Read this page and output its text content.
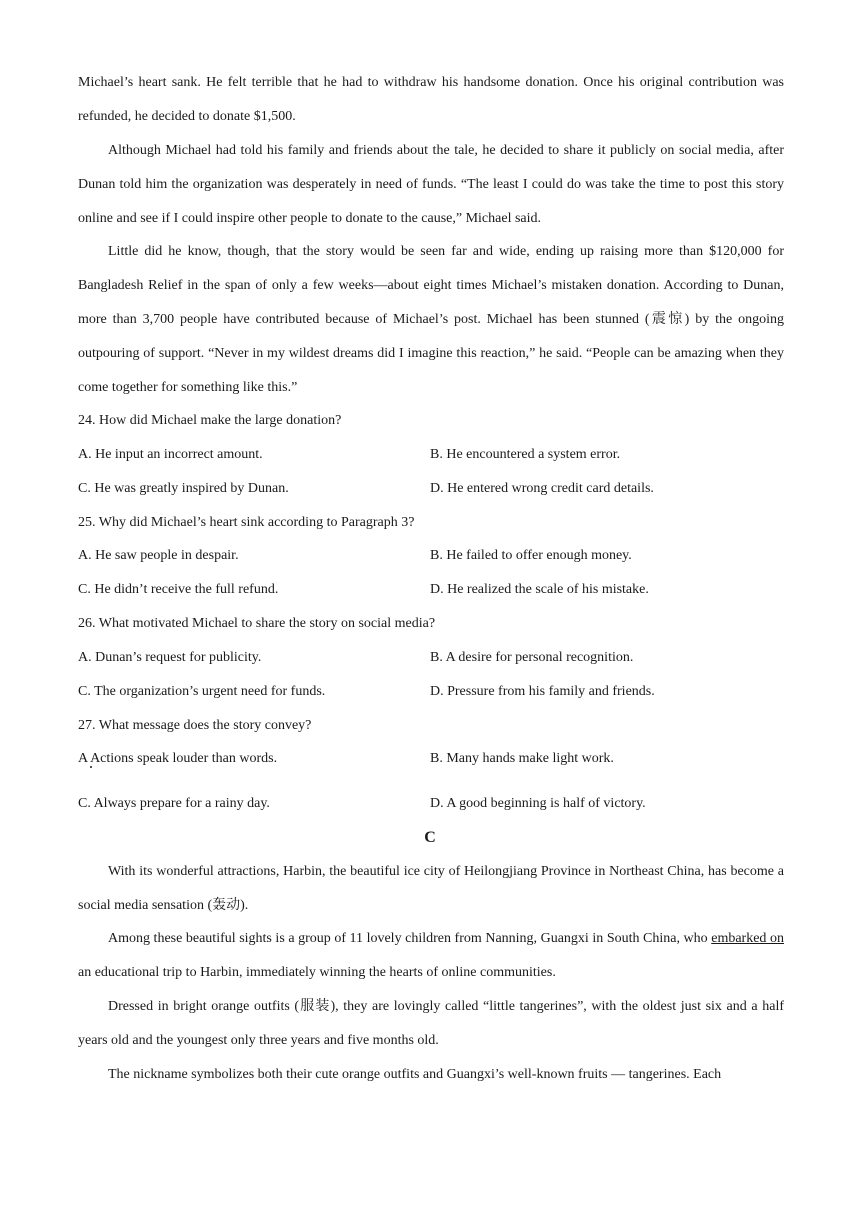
Michael’s heart sank. He felt terrible that he had to withdraw his handsome donation. Once his original contribution was refunded, he decided to donate $1,500.
Although Michael had told his family and friends about the tale, he decided to share it publicly on social media, after Dunan told him the organization was desperately in need of funds. “The least I could do was take the time to post this story online and see if I could inspire other people to donate to the cause,” Michael said.
Little did he know, though, that the story would be seen far and wide, ending up raising more than $120,000 for Bangladesh Relief in the span of only a few weeks—about eight times Michael’s mistaken donation. According to Dunan, more than 3,700 people have contributed because of Michael’s post. Michael has been stunned (震惊) by the ongoing outpouring of support. “Never in my wildest dreams did I imagine this reaction,” he said. “People can be amazing when they come together for something like this.”
24. How did Michael make the large donation?
A. He input an incorrect amount.	B. He encountered a system error.
C. He was greatly inspired by Dunan.	D. He entered wrong credit card details.
25. Why did Michael’s heart sink according to Paragraph 3?
A. He saw people in despair.	B. He failed to offer enough money.
C. He didn’t receive the full refund.	D. He realized the scale of his mistake.
26. What motivated Michael to share the story on social media?
A. Dunan’s request for publicity.	B. A desire for personal recognition.
C. The organization’s urgent need for funds.	D. Pressure from his family and friends.
27. What message does the story convey?
A Actions speak louder than words.	B. Many hands make light work.
C. Always prepare for a rainy day.	D. A good beginning is half of victory.
C
With its wonderful attractions, Harbin, the beautiful ice city of Heilongjiang Province in Northeast China, has become a social media sensation (轰动).
Among these beautiful sights is a group of 11 lovely children from Nanning, Guangxi in South China, who embarked on an educational trip to Harbin, immediately winning the hearts of online communities.
Dressed in bright orange outfits (服装), they are lovingly called “little tangerines”, with the oldest just six and a half years old and the youngest only three years and five months old.
The nickname symbolizes both their cute orange outfits and Guangxi’s well-known fruits — tangerines. Each
